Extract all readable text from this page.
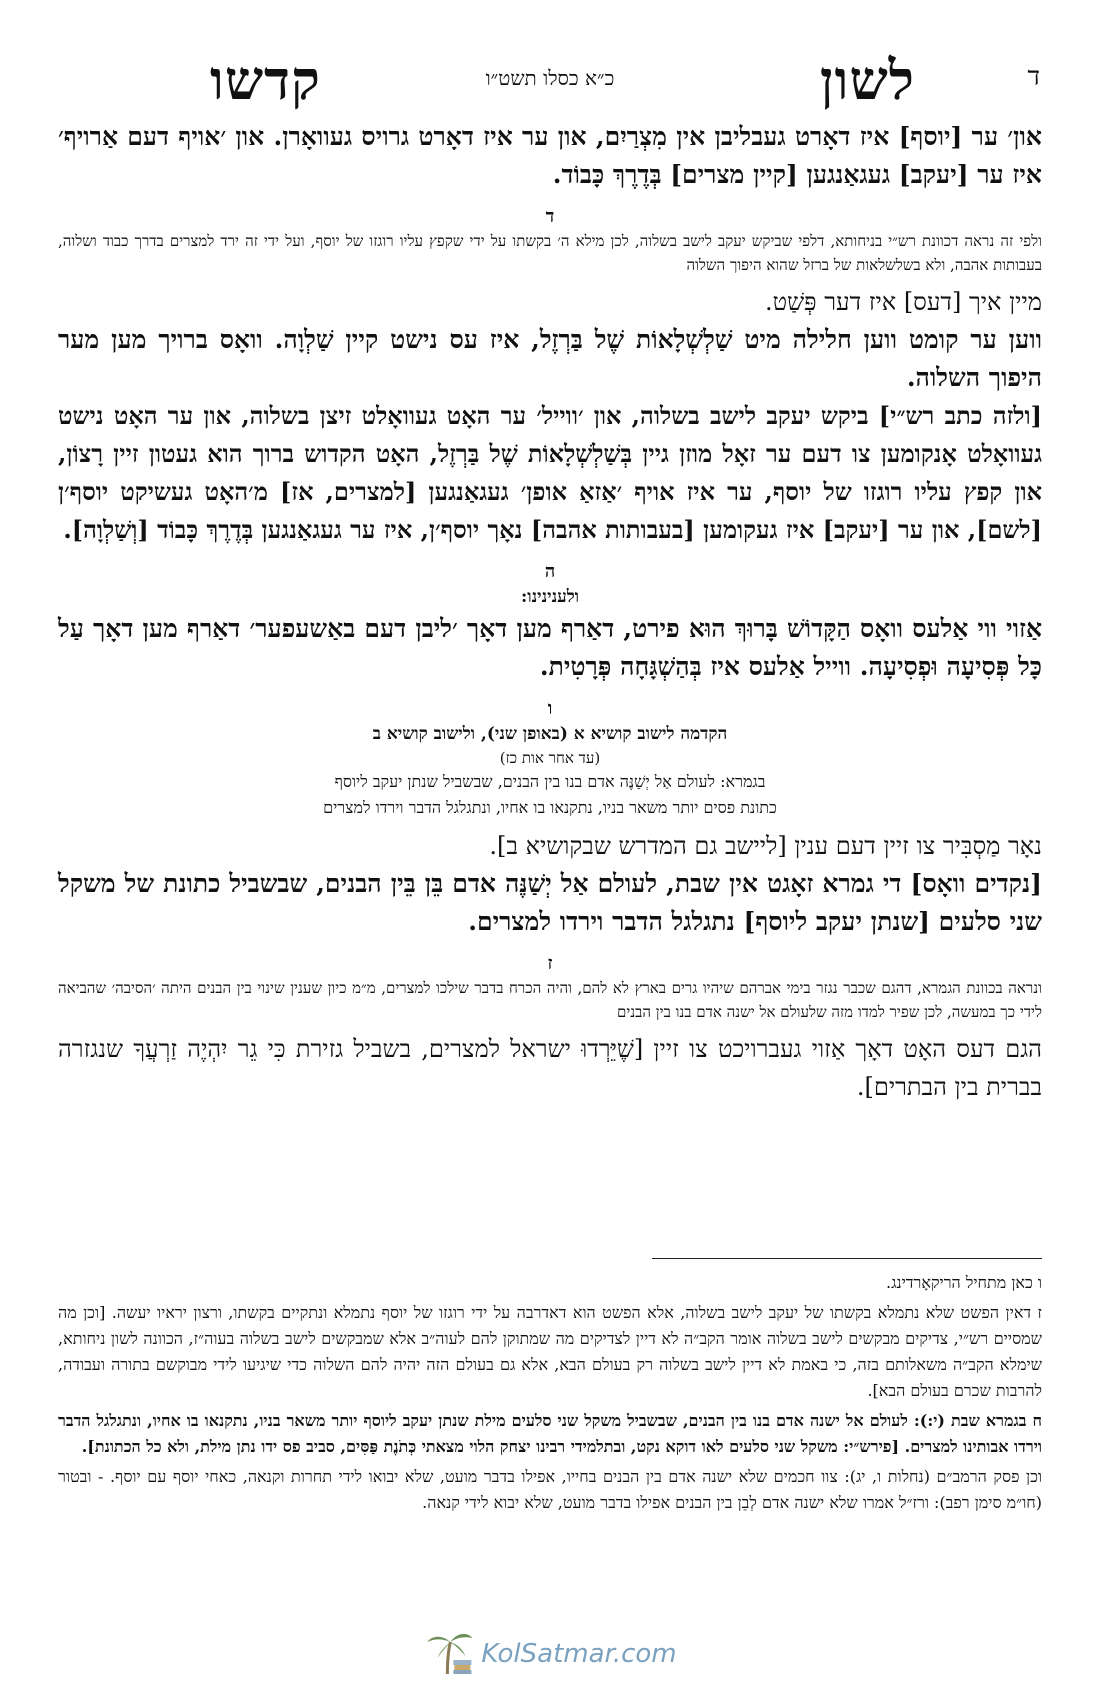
ד
לשון
כ״א כסלו תשט״ו
קדשו

און׳ ער [יוסף] איז דאָרט געבליבן אין מִצְרַיִם, און ער איז דאָרט גרויס געוואָרן. און ׳אויף דעם אַרויף׳ איז ער [יעקב] געגאַנגען [קיין מצרים] בְּדֶרֶךְ כָּבוֹד.

ד

ולפי זה נראה דכוונת רש״י בניחותא, דלפי שביקש יעקב לישב בשלוה, לכן מילא ה׳ בקשתו על ידי שקפץ עליו רוגזו של יוסף, ועל ידי זה ירד למצרים בדרך כבוד ושלוה, בעבותות אהבה, ולא בשלשלאות של ברזל שהוא היפוך השלוה

מיין איך [דעס] איז דער פְּשַׁט.

ווען ער קומט ווען חלילה מיט שַׁלְשְׁלָאוֹת שֶׁל בַּרְזֶל, איז עס נישט קיין שַׁלְוָה. וואָס ברויך מען מער היפוך השלוה.

[ולזה כתב רש״י] ביקש יעקב לישב בשלוה, און ׳ווייל׳ ער האָט געוואָלט זיצן בשלוה, און ער האָט נישט געוואָלט אָנקומען צו דעם ער זאָל מוזן גיין בְּשַׁלְשְׁלָאוֹת שֶׁל בַּרְזֶל, האָט הקדוש ברוך הוא געטון זיין רָצוֹן, און קפץ עליו רוגזו של יוסף, ער איז אויף ׳אַזאַ אופן׳ געגאַנגען [למצרים, אז] מ׳האָט געשיקט יוסף׳ן [לשם], און ער [יעקב] איז געקומען [בעבותות אהבה] נאָך יוסף׳ן, איז ער געגאַנגען בְּדֶרֶךְ כָּבוֹד [וְשַׁלְוָה].

ה
ולענינינו:

אַזוי ווי אַלעס וואָס הַקָּדוֹשׁ בָּרוּךְ הוּא פירט, דאַרף מען דאָך ׳ליבן דעם באַשעפער׳ דאַרף מען דאָך עַל כָּל פְּסִיעָה וּפְסִיעָה. ווייל אַלעס איז בְּהַשְׁגָּחָה פְּרָטִית.

ו
הקדמה לישוב קושיא א (באופן שני), ולישוב קושיא ב
(עד אחר אות כז)
בגמרא: לעולם אַל יְשַׁנֶּה אדם בנו בין הבנים, שבשביל שנתן יעקב ליוסף
כתונת פסים יותר משאר בניו, נתקנאו בו אחיו, ונתגלגל הדבר וירדו למצרים

נאָר מַסְבִּיר צו זיין דעם ענין [ליישב גם המדרש שבקושיא ב].

[נקדים וואָס] די גמרא זאָגט אין שבת, לעולם אַל יְשַׁנֶּה אדם בֵּן בֵּין הבנים, שבשביל כתונת של משקל שני סלעים [שנתן יעקב ליוסף] נתגלגל הדבר וירדו למצרים.

ז

ונראה בכוונת הגמרא, דהגם שכבר נגזר בימי אברהם שיהיו גרים בארץ לא להם, והיה הכרח בדבר שילכו למצרים, מ״מ כיון שענין שינוי בין הבנים היתה ׳הסיבה׳ שהביאה לידי כך במעשה, לכן שפיר למדו מזה שלעולם אל ישנה אדם בנו בין הבנים

הגם דעס האָט דאָך אַזוי געברויכט צו זיין [שֶׁיֵּרְדוּ ישראל למצרים, בשביל גזירת כִּי גֵר יִהְיֶה זַרְעֲךָ שנגזרה בברית בין הבתרים].

ו כאן מתחיל הריקאָרדינג.

ז דאין הפשט שלא נתמלא בקשתו של יעקב לישב בשלוה, אלא הפשט הוא דאדרבה על ידי רוגזו של יוסף נתמלא ונתקיים בקשתו, ורצון יראיו יעשה. [וכן מה שמסיים רש״י, צדיקים מבקשים לישב בשלוה אומר הקב״ה לא דיין לצדיקים מה שמתוקן להם לעוה״ב אלא שמבקשים לישב בשלוה בעוה״ז, הכוונה לשון ניחותא, שימלא הקב״ה משאלותם בזה, כי באמת לא דיין לישב בשלוה רק בעולם הבא, אלא גם בעולם הזה יהיה להם השלוה כדי שיגיעו לידי מבוקשם בתורה ועבודה, להרבות שכרם בעולם הבא].

ח בגמרא שבת (י:): לעולם אל ישנה אדם בנו בין הבנים, שבשביל משקל שני סלעים מילת שנתן יעקב ליוסף יותר משאר בניו, נתקנאו בו אחיו, ונתגלגל הדבר וירדו אבותינו למצרים. [פירש״י: משקל שני סלעים לאו דוקא נקט, ובתלמידי רבינו יצחק הלוי מצאתי כְּתֹנֶת פַּסִּים, סביב פס ידו נתן מילת, ולא כל הכתונת].

וכן פסק הרמב״ם (נחלות ו, יג): צוו חכמים שלא ישנה אדם בין הבנים בחייו, אפילו בדבר מועט, שלא יבואו לידי תחרות וקנאה, כאחי יוסף עם יוסף. - ובטור (חו״מ סימן רפב): ורז״ל אמרו שלא ישנה אדם לְבֵן בין הבנים אפילו בדבר מועט, שלא יבוא לידי קנאה.

KolSatmar.com
